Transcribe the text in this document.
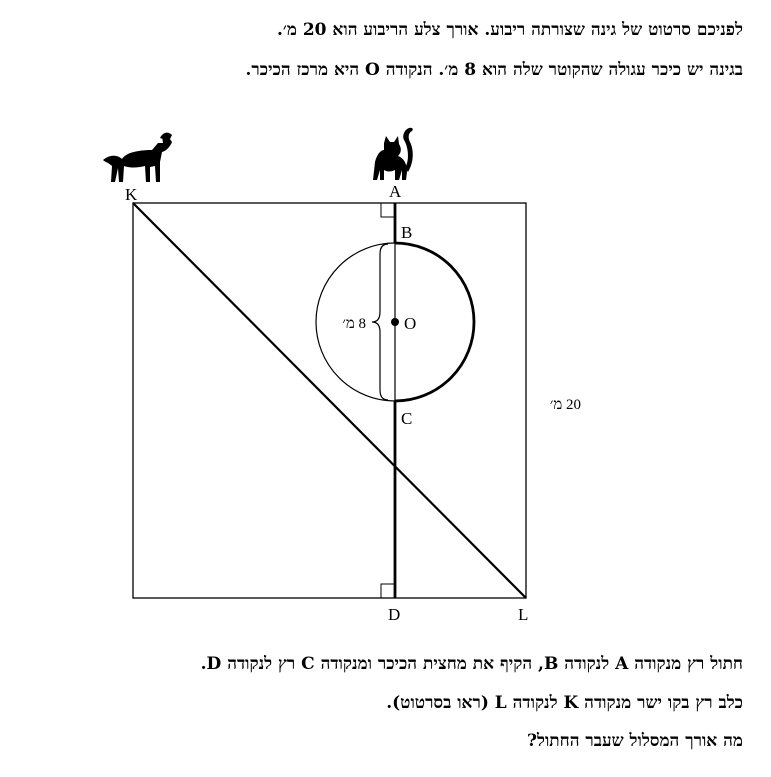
לפניכם סרטוט של גינה שצורתה ריבוע. אורך צלע הריבוע הוא 20 מ׳.
בגינה יש כיכר עגולה שהקוטר שלה הוא 8 מ׳. הנקודה O היא מרכז הכיכר.
K	A
B
O
C
D	L
20 מ׳
8 מ׳
חתול רץ מנקודה A לנקודה B, הקיף את מחצית הכיכר ומנקודה C רץ לנקודה D.
כלב רץ בקו ישר מנקודה K לנקודה L (ראו בסרטוט).
מה אורך המסלול שעבר החתול?
